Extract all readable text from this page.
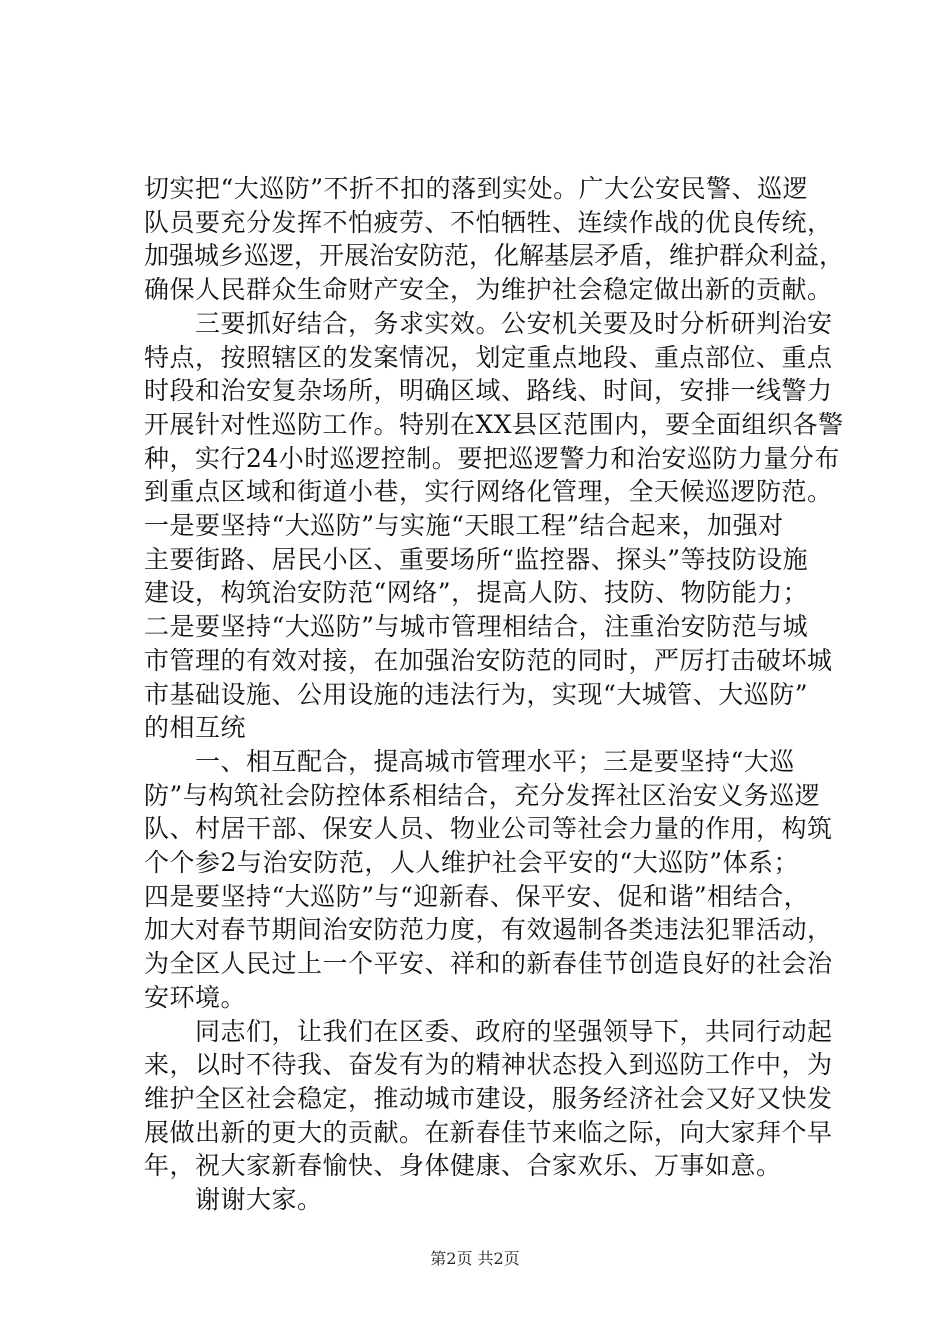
切实把“大巡防”不折不扣的落到实处。广大公安民警、巡逻
队员要充分发挥不怕疲劳、不怕牺牲、连续作战的优良传统，
加强城乡巡逻，开展治安防范，化解基层矛盾，维护群众利益，
确保人民群众生命财产安全，为维护社会稳定做出新的贡献。
　　三要抓好结合，务求实效。公安机关要及时分析研判治安
特点，按照辖区的发案情况，划定重点地段、重点部位、重点
时段和治安复杂场所，明确区域、路线、时间，安排一线警力
开展针对性巡防工作。特别在XX县区范围内，要全面组织各警
种，实行24小时巡逻控制。要把巡逻警力和治安巡防力量分布
到重点区域和街道小巷，实行网络化管理，全天候巡逻防范。
一是要坚持“大巡防”与实施“天眼工程”结合起来，加强对
主要街路、居民小区、重要场所“监控器、探头”等技防设施
建设，构筑治安防范“网络”，提高人防、技防、物防能力；
二是要坚持“大巡防”与城市管理相结合，注重治安防范与城
市管理的有效对接，在加强治安防范的同时，严厉打击破坏城
市基础设施、公用设施的违法行为，实现“大城管、大巡防”
的相互统
　　一、相互配合，提高城市管理水平；三是要坚持“大巡
防”与构筑社会防控体系相结合，充分发挥社区治安义务巡逻
队、村居干部、保安人员、物业公司等社会力量的作用，构筑
个个参2与治安防范，人人维护社会平安的“大巡防”体系；
四是要坚持“大巡防”与“迎新春、保平安、促和谐”相结合，
加大对春节期间治安防范力度，有效遏制各类违法犯罪活动，
为全区人民过上一个平安、祥和的新春佳节创造良好的社会治
安环境。
　　同志们，让我们在区委、政府的坚强领导下，共同行动起
来，以时不待我、奋发有为的精神状态投入到巡防工作中，为
维护全区社会稳定，推动城市建设，服务经济社会又好又快发
展做出新的更大的贡献。在新春佳节来临之际，向大家拜个早
年，祝大家新春愉快、身体健康、合家欢乐、万事如意。
　　谢谢大家。
第2页 共2页
